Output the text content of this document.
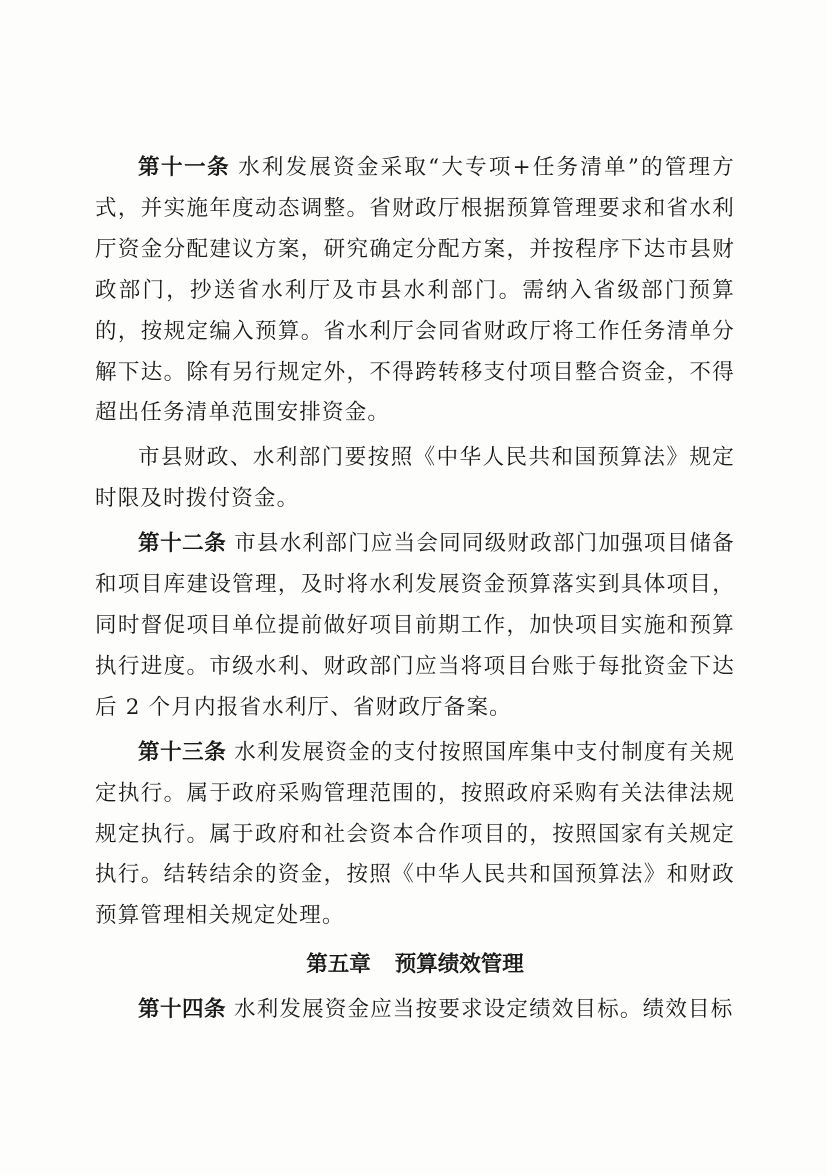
第十一条 水利发展资金采取“大专项+任务清单”的管理方式，并实施年度动态调整。省财政厅根据预算管理要求和省水利厅资金分配建议方案，研究确定分配方案，并按程序下达市县财政部门，抄送省水利厅及市县水利部门。需纳入省级部门预算的，按规定编入预算。省水利厅会同省财政厅将工作任务清单分解下达。除有另行规定外，不得跨转移支付项目整合资金，不得超出任务清单范围安排资金。

市县财政、水利部门要按照《中华人民共和国预算法》规定时限及时拨付资金。

第十二条 市县水利部门应当会同同级财政部门加强项目储备和项目库建设管理，及时将水利发展资金预算落实到具体项目，同时督促项目单位提前做好项目前期工作，加快项目实施和预算执行进度。市级水利、财政部门应当将项目台账于每批资金下达后 2 个月内报省水利厅、省财政厅备案。

第十三条 水利发展资金的支付按照国库集中支付制度有关规定执行。属于政府采购管理范围的，按照政府采购有关法律法规规定执行。属于政府和社会资本合作项目的，按照国家有关规定执行。结转结余的资金，按照《中华人民共和国预算法》和财政预算管理相关规定处理。

第五章 预算绩效管理

第十四条 水利发展资金应当按要求设定绩效目标。绩效目标
